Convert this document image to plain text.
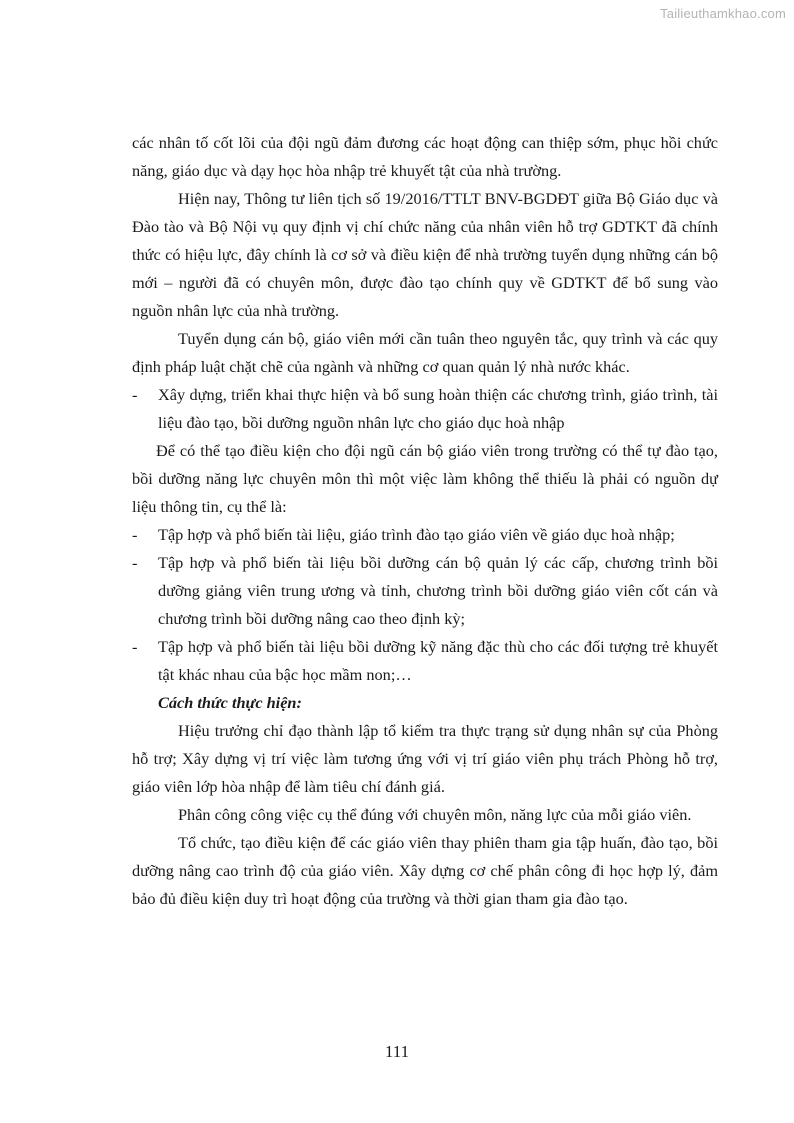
Tailieuthamkhao.com

các nhân tố cốt lõi của đội ngũ đảm đương các hoạt động can thiệp sớm, phục hồi chức năng, giáo dục và dạy học hòa nhập trẻ khuyết tật của nhà trường.

Hiện nay, Thông tư liên tịch số 19/2016/TTLT BNV-BGDĐT giữa Bộ Giáo dục và Đào tào và Bộ Nội vụ quy định vị chí chức năng của nhân viên hỗ trợ GDTKT đã chính thức có hiệu lực, đây chính là cơ sở và điều kiện để nhà trường tuyển dụng những cán bộ mới – người đã có chuyên môn, được đào tạo chính quy về GDTKT để bổ sung vào nguồn nhân lực của nhà trường.

Tuyển dụng cán bộ, giáo viên mới cần tuân theo nguyên tắc, quy trình và các quy định pháp luật chặt chẽ của ngành và những cơ quan quản lý nhà nước khác.

- Xây dựng, triển khai thực hiện và bổ sung hoàn thiện các chương trình, giáo trình, tài liệu đào tạo, bồi dưỡng nguồn nhân lực cho giáo dục hoà nhập

Để có thể tạo điều kiện cho đội ngũ cán bộ giáo viên trong trường có thể tự đào tạo, bồi dưỡng năng lực chuyên môn thì một việc làm không thể thiếu là phải có nguồn dự liệu thông tin, cụ thể là:

- Tập hợp và phổ biến tài liệu, giáo trình đào tạo giáo viên về giáo dục hoà nhập;

- Tập hợp và phổ biến tài liệu bồi dưỡng cán bộ quản lý các cấp, chương trình bồi dưỡng giảng viên trung ương và tỉnh, chương trình bồi dưỡng giáo viên cốt cán và chương trình bồi dưỡng nâng cao theo định kỳ;

- Tập hợp và phổ biến tài liệu bồi dưỡng kỹ năng đặc thù cho các đối tượng trẻ khuyết tật khác nhau của bậc học mầm non;…

Cách thức thực hiện:

Hiệu trưởng chỉ đạo thành lập tổ kiểm tra thực trạng sử dụng nhân sự của Phòng hỗ trợ; Xây dựng vị trí việc làm tương ứng với vị trí giáo viên phụ trách Phòng hỗ trợ, giáo viên lớp hòa nhập để làm tiêu chí đánh giá.

Phân công công việc cụ thể đúng với chuyên môn, năng lực của mỗi giáo viên.

Tổ chức, tạo điều kiện để các giáo viên thay phiên tham gia tập huấn, đào tạo, bồi dưỡng nâng cao trình độ của giáo viên. Xây dựng cơ chế phân công đi học hợp lý, đảm bảo đủ điều kiện duy trì hoạt động của trường và thời gian tham gia đào tạo.

111
